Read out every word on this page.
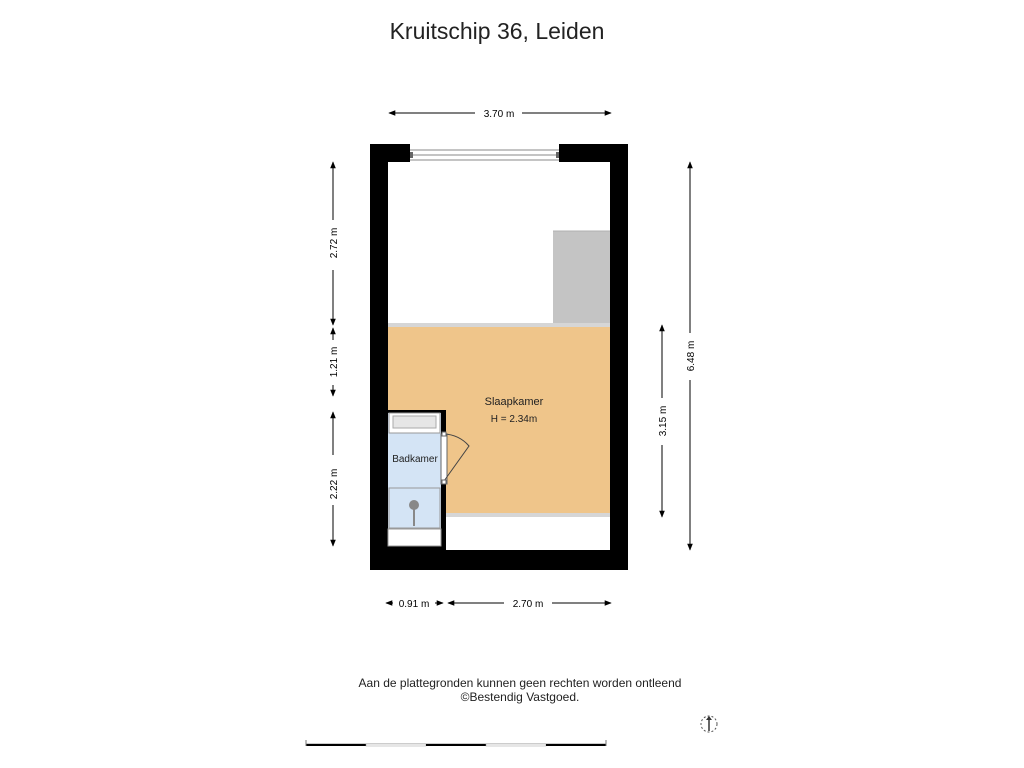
Kruitschip 36, Leiden
Slaapkamer
H = 2.34m
Badkamer
3.70 m
2.72 m
1.21 m
2.22 m
3.15 m
6.48 m
0.91 m	2.70 m
Aan de plattegronden kunnen geen rechten worden ontleend
©Bestendig Vastgoed.
